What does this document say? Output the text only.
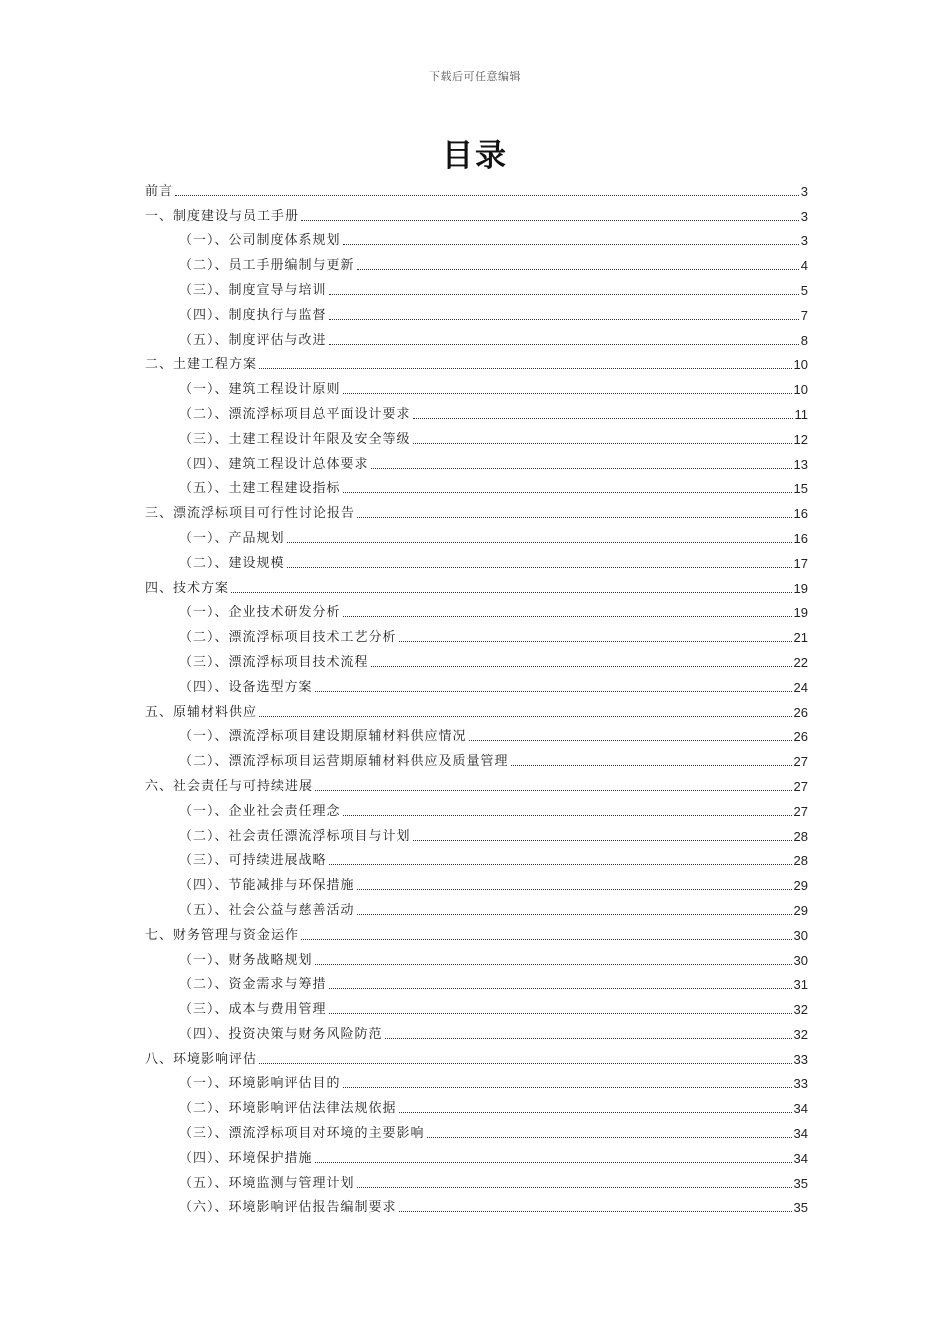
下载后可任意编辑
目录
前言	3
一、制度建设与员工手册	3
（一）、公司制度体系规划	3
（二）、员工手册编制与更新	4
（三）、制度宣导与培训	5
（四）、制度执行与监督	7
（五）、制度评估与改进	8
二、土建工程方案	10
（一）、建筑工程设计原则	10
（二）、漂流浮标项目总平面设计要求	11
（三）、土建工程设计年限及安全等级	12
（四）、建筑工程设计总体要求	13
（五）、土建工程建设指标	15
三、漂流浮标项目可行性讨论报告	16
（一）、产品规划	16
（二）、建设规模	17
四、技术方案	19
（一）、企业技术研发分析	19
（二）、漂流浮标项目技术工艺分析	21
（三）、漂流浮标项目技术流程	22
（四）、设备选型方案	24
五、原辅材料供应	26
（一）、漂流浮标项目建设期原辅材料供应情况	26
（二）、漂流浮标项目运营期原辅材料供应及质量管理	27
六、社会责任与可持续进展	27
（一）、企业社会责任理念	27
（二）、社会责任漂流浮标项目与计划	28
（三）、可持续进展战略	28
（四）、节能减排与环保措施	29
（五）、社会公益与慈善活动	29
七、财务管理与资金运作	30
（一）、财务战略规划	30
（二）、资金需求与筹措	31
（三）、成本与费用管理	32
（四）、投资决策与财务风险防范	32
八、环境影响评估	33
（一）、环境影响评估目的	33
（二）、环境影响评估法律法规依据	34
（三）、漂流浮标项目对环境的主要影响	34
（四）、环境保护措施	34
（五）、环境监测与管理计划	35
（六）、环境影响评估报告编制要求	35
